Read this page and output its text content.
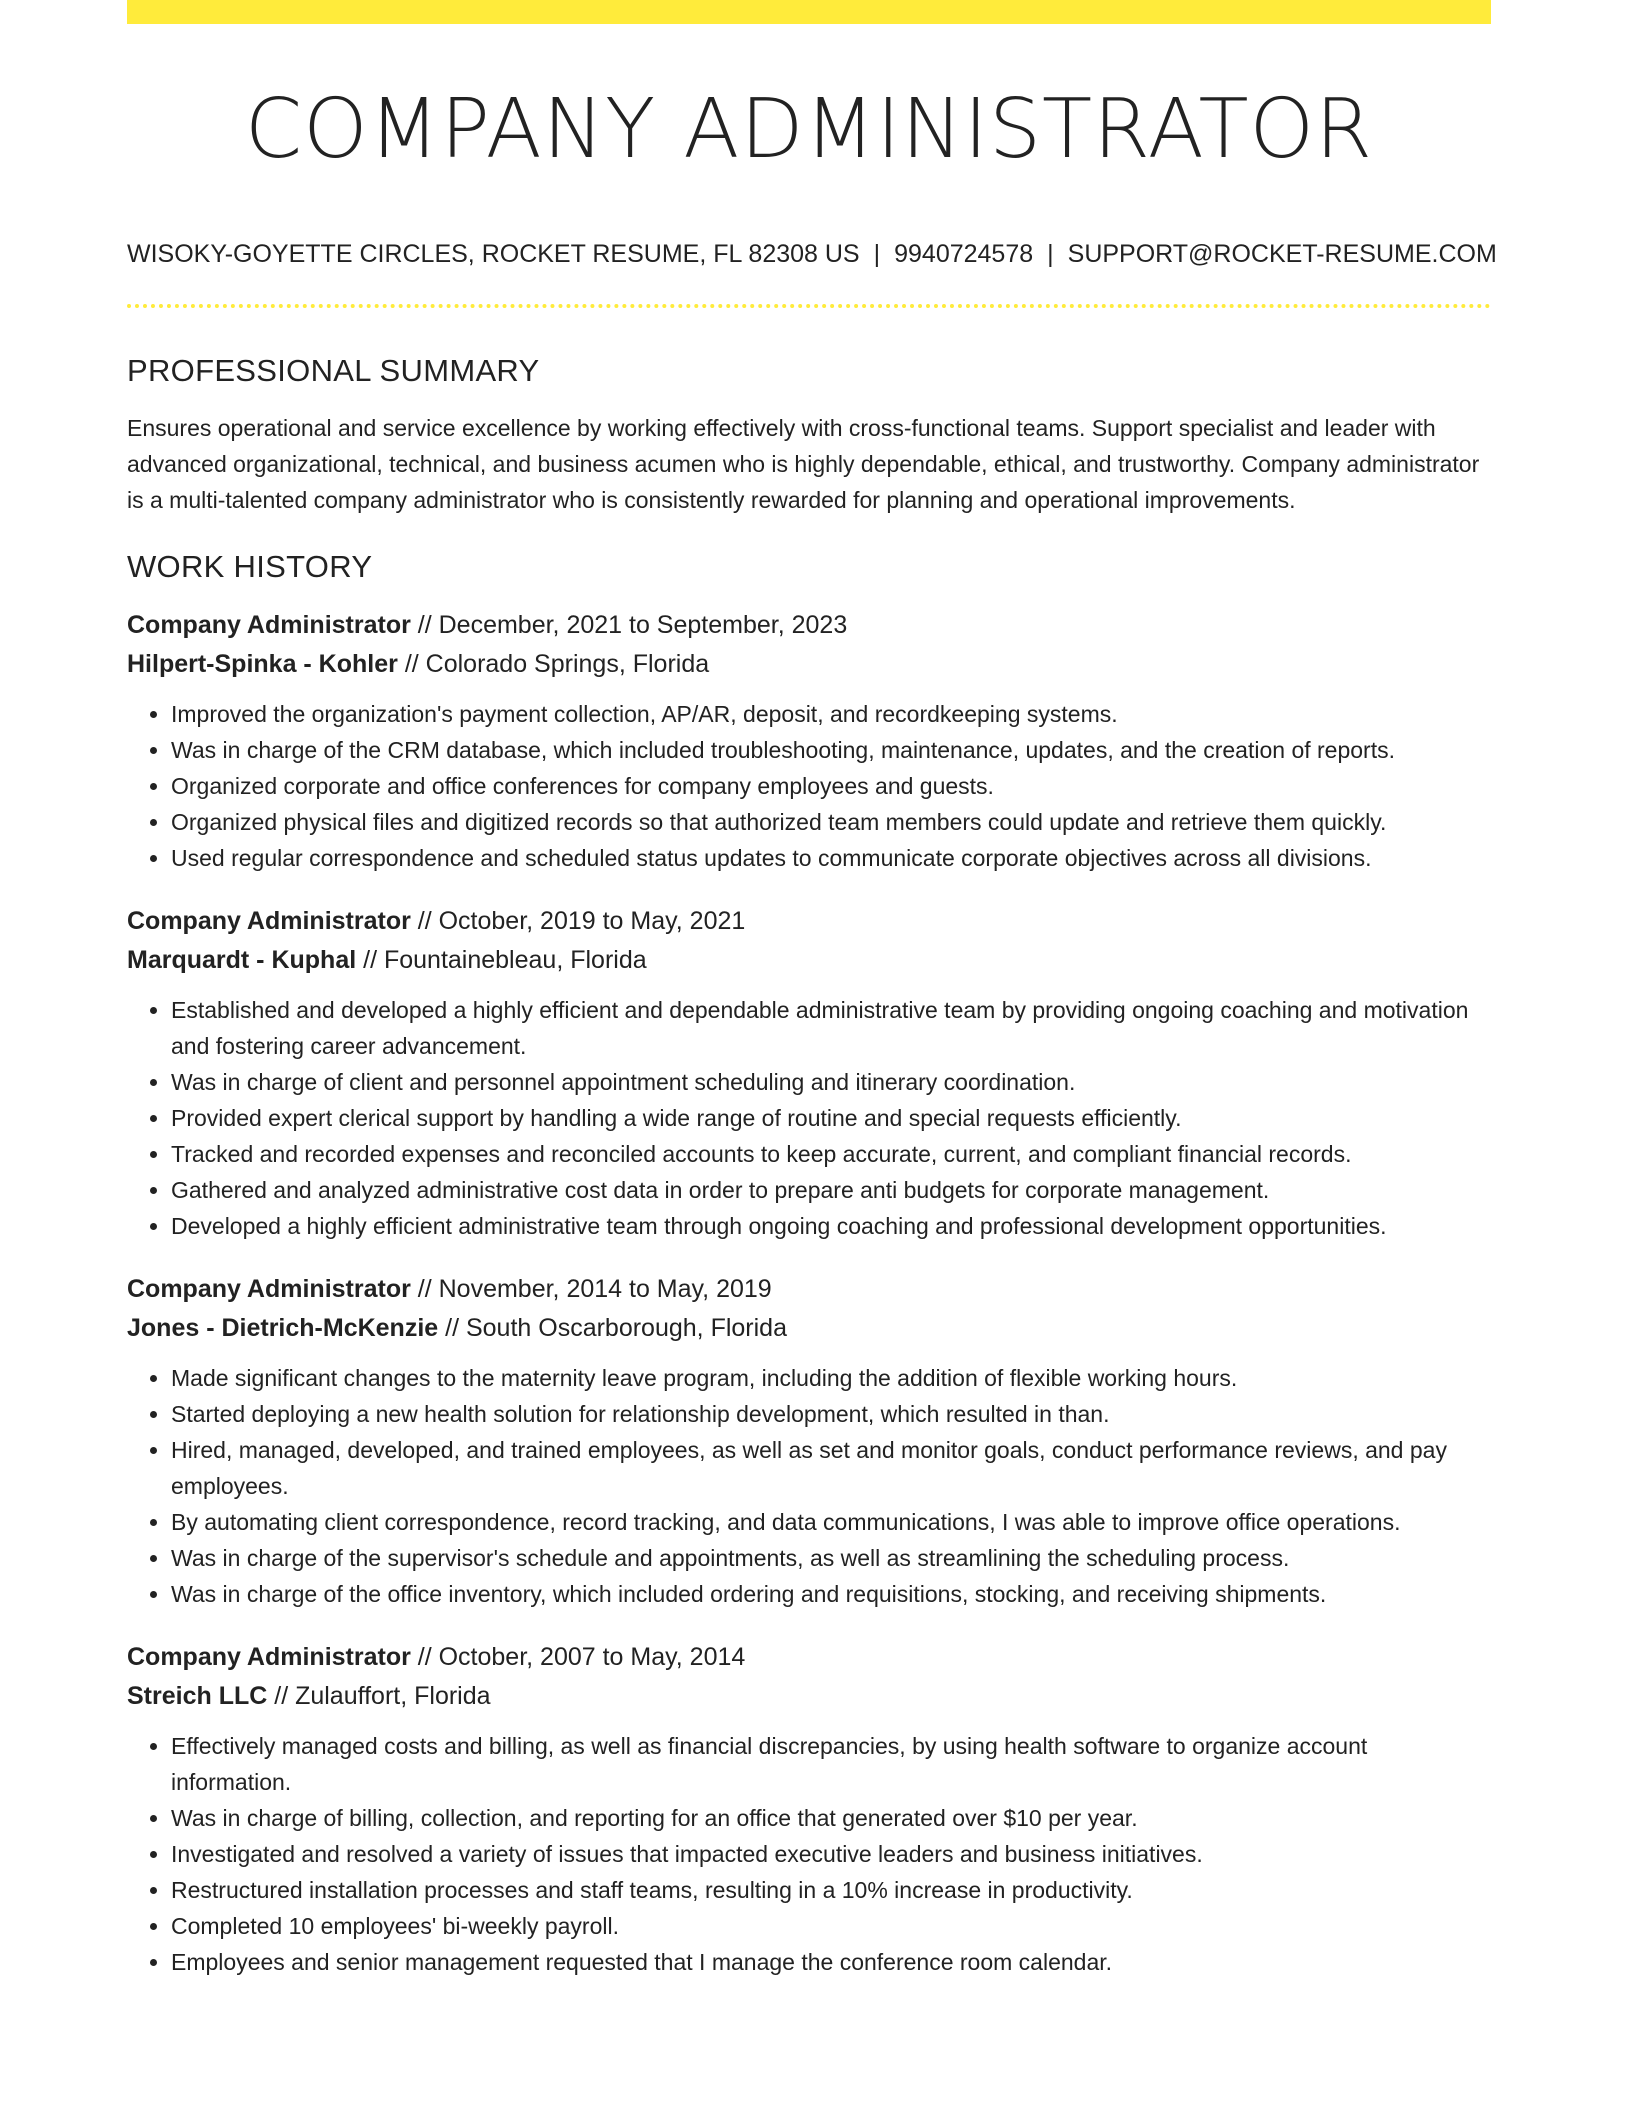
COMPANY ADMINISTRATOR
WISOKY-GOYETTE CIRCLES, ROCKET RESUME, FL 82308 US | 9940724578 | SUPPORT@ROCKET-RESUME.COM
PROFESSIONAL SUMMARY

Ensures operational and service excellence by working effectively with cross-functional teams. Support specialist and leader with advanced organizational, technical, and business acumen who is highly dependable, ethical, and trustworthy. Company administrator is a multi-talented company administrator who is consistently rewarded for planning and operational improvements.

WORK HISTORY
Company Administrator // December, 2021 to September, 2023
Hilpert-Spinka - Kohler // Colorado Springs, Florida
• Improved the organization's payment collection, AP/AR, deposit, and recordkeeping systems.
• Was in charge of the CRM database, which included troubleshooting, maintenance, updates, and the creation of reports.
• Organized corporate and office conferences for company employees and guests.
• Organized physical files and digitized records so that authorized team members could update and retrieve them quickly.
• Used regular correspondence and scheduled status updates to communicate corporate objectives across all divisions.
Company Administrator // October, 2019 to May, 2021
Marquardt - Kuphal // Fountainebleau, Florida
• Established and developed a highly efficient and dependable administrative team by providing ongoing coaching and motivation and fostering career advancement.
• Was in charge of client and personnel appointment scheduling and itinerary coordination.
• Provided expert clerical support by handling a wide range of routine and special requests efficiently.
• Tracked and recorded expenses and reconciled accounts to keep accurate, current, and compliant financial records.
• Gathered and analyzed administrative cost data in order to prepare anti budgets for corporate management.
• Developed a highly efficient administrative team through ongoing coaching and professional development opportunities.
Company Administrator // November, 2014 to May, 2019
Jones - Dietrich-McKenzie // South Oscarborough, Florida
• Made significant changes to the maternity leave program, including the addition of flexible working hours.
• Started deploying a new health solution for relationship development, which resulted in than.
• Hired, managed, developed, and trained employees, as well as set and monitor goals, conduct performance reviews, and pay employees.
• By automating client correspondence, record tracking, and data communications, I was able to improve office operations.
• Was in charge of the supervisor's schedule and appointments, as well as streamlining the scheduling process.
• Was in charge of the office inventory, which included ordering and requisitions, stocking, and receiving shipments.
Company Administrator // October, 2007 to May, 2014
Streich LLC // Zulauffort, Florida
• Effectively managed costs and billing, as well as financial discrepancies, by using health software to organize account information.
• Was in charge of billing, collection, and reporting for an office that generated over $10 per year.
• Investigated and resolved a variety of issues that impacted executive leaders and business initiatives.
• Restructured installation processes and staff teams, resulting in a 10% increase in productivity.
• Completed 10 employees' bi-weekly payroll.
• Employees and senior management requested that I manage the conference room calendar.
